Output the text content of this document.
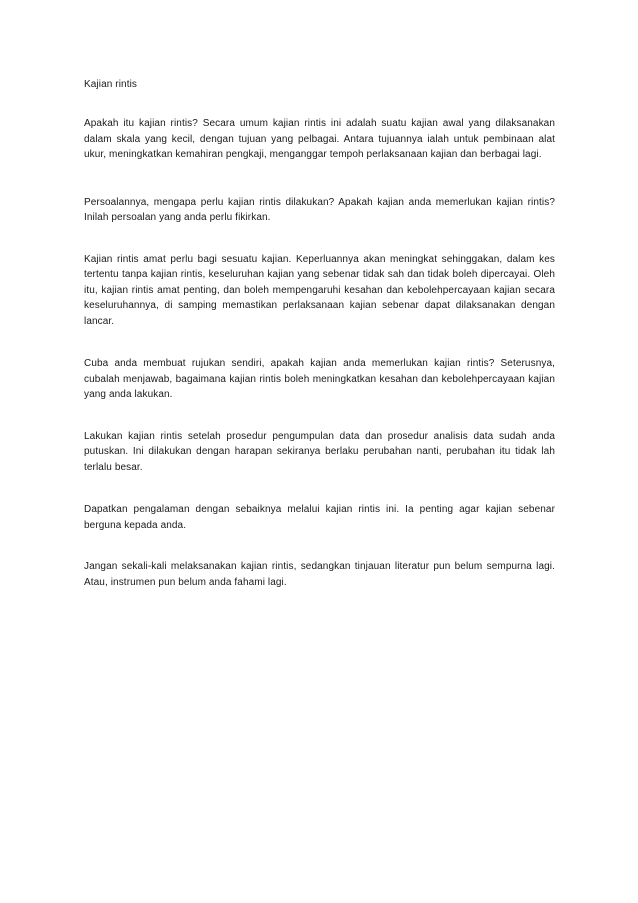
Kajian rintis

Apakah itu kajian rintis? Secara umum kajian rintis ini adalah suatu kajian awal yang dilaksanakan dalam skala yang kecil, dengan tujuan yang pelbagai. Antara tujuannya ialah untuk pembinaan alat ukur, meningkatkan kemahiran pengkaji, menganggar tempoh perlaksanaan kajian dan berbagai lagi.

Persoalannya, mengapa perlu kajian rintis dilakukan? Apakah kajian anda memerlukan kajian rintis? Inilah persoalan yang anda perlu fikirkan.

Kajian rintis amat perlu bagi sesuatu kajian. Keperluannya akan meningkat sehinggakan, dalam kes tertentu tanpa kajian rintis, keseluruhan kajian yang sebenar tidak sah dan tidak boleh dipercayai. Oleh itu, kajian rintis amat penting, dan boleh mempengaruhi kesahan dan kebolehpercayaan kajian secara keseluruhannya, di samping memastikan perlaksanaan kajian sebenar dapat dilaksanakan dengan lancar.

Cuba anda membuat rujukan sendiri, apakah kajian anda memerlukan kajian rintis? Seterusnya, cubalah menjawab, bagaimana kajian rintis boleh meningkatkan kesahan dan kebolehpercayaan kajian yang anda lakukan.

Lakukan kajian rintis setelah prosedur pengumpulan data dan prosedur analisis data sudah anda putuskan. Ini dilakukan dengan harapan sekiranya berlaku perubahan nanti, perubahan itu tidak lah terlalu besar.

Dapatkan pengalaman dengan sebaiknya melalui kajian rintis ini. Ia penting agar kajian sebenar berguna kepada anda.

Jangan sekali-kali melaksanakan kajian rintis, sedangkan tinjauan literatur pun belum sempurna lagi. Atau, instrumen pun belum anda fahami lagi.
